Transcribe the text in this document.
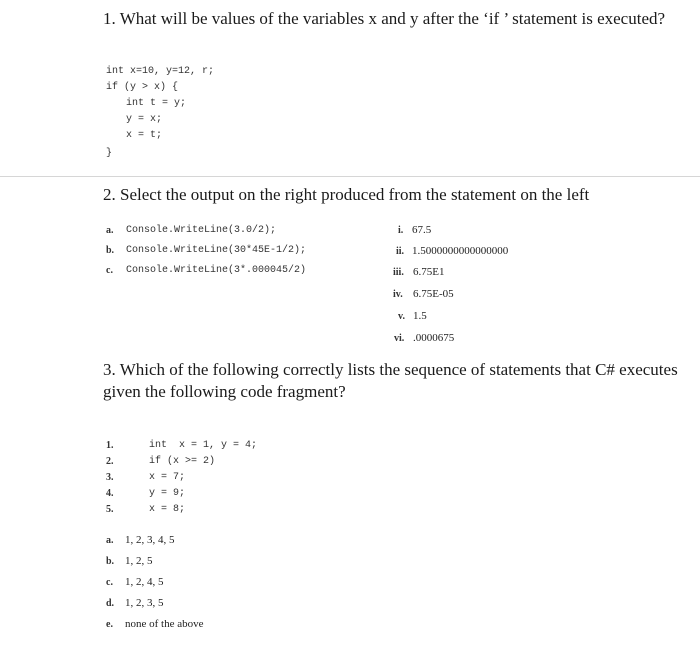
1. What will be values of the variables x and y after the ‘if ’ statement is executed?
int x=10, y=12, r;
if (y > x) {
int t = y;
y = x;
x = t;
}
2. Select the output on the right produced from the statement on the left
a. Console.WriteLine(3.0/2);
b. Console.WriteLine(30*45E-1/2);
c. Console.WriteLine(3*.000045/2)
i. 67.5
ii. 1.5000000000000000
iii. 6.75E1
iv. 6.75E-05
v. 1.5
vi. .0000675
3. Which of the following correctly lists the sequence of statements that C# executes given the following code fragment?
1.	int  x = 1, y = 4;
2.	if (x >= 2)
3.	x = 7;
4.	y = 9;
5.	x = 8;
a. 1, 2, 3, 4, 5
b. 1, 2, 5
c. 1, 2, 4, 5
d. 1, 2, 3, 5
e. none of the above
